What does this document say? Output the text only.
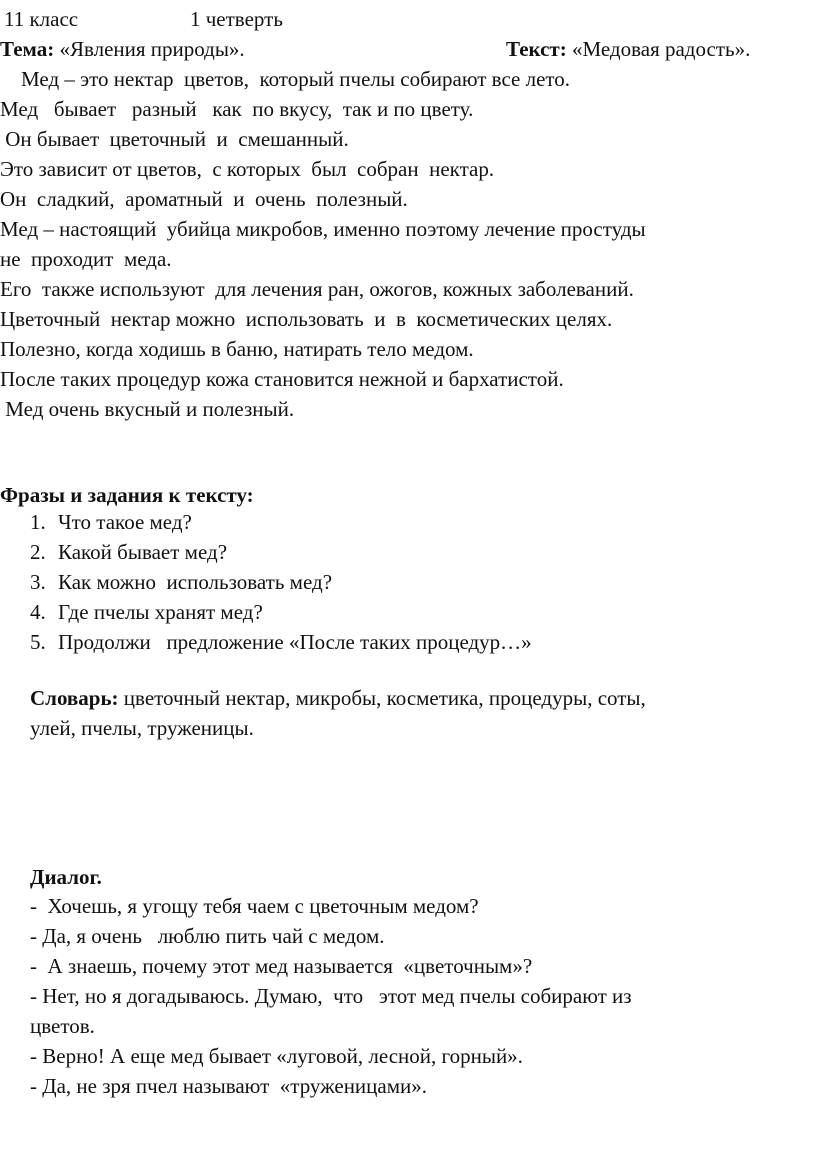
11 класс	1 четверть
Тема: «Явления природы».	Текст: «Медовая радость».
Мед – это нектар  цветов,  который пчелы собирают все лето.
Мед   бывает   разный   как  по вкусу,  так и по цвету.
Он бывает  цветочный  и  смешанный.
Это зависит от цветов,  с которых  был  собран  нектар.
Он  сладкий,  ароматный  и  очень  полезный.
Мед – настоящий  убийца микробов, именно поэтому лечение простуды
не  проходит  меда.
Его  также используют  для лечения ран, ожогов, кожных заболеваний.
Цветочный  нектар можно  использовать  и  в  косметических целях.
Полезно, когда ходишь в баню, натирать тело медом.
После таких процедур кожа становится нежной и бархатистой.
Мед очень вкусный и полезный.
Фразы и задания к тексту:
1. Что такое мед?
2. Какой бывает мед?
3. Как можно  использовать мед?
4. Где пчелы хранят мед?
5. Продолжи   предложение «После таких процедур…»
Словарь: цветочный нектар, микробы, косметика, процедуры, соты,
улей, пчелы, труженицы.
Диалог.
-  Хочешь, я угощу тебя чаем с цветочным медом?
- Да, я очень   люблю пить чай с медом.
-  А знаешь, почему этот мед называется  «цветочным»?
- Нет, но я догадываюсь. Думаю,  что   этот мед пчелы собирают из
цветов.
- Верно! А еще мед бывает «луговой, лесной, горный».
- Да, не зря пчел называют  «труженицами».
